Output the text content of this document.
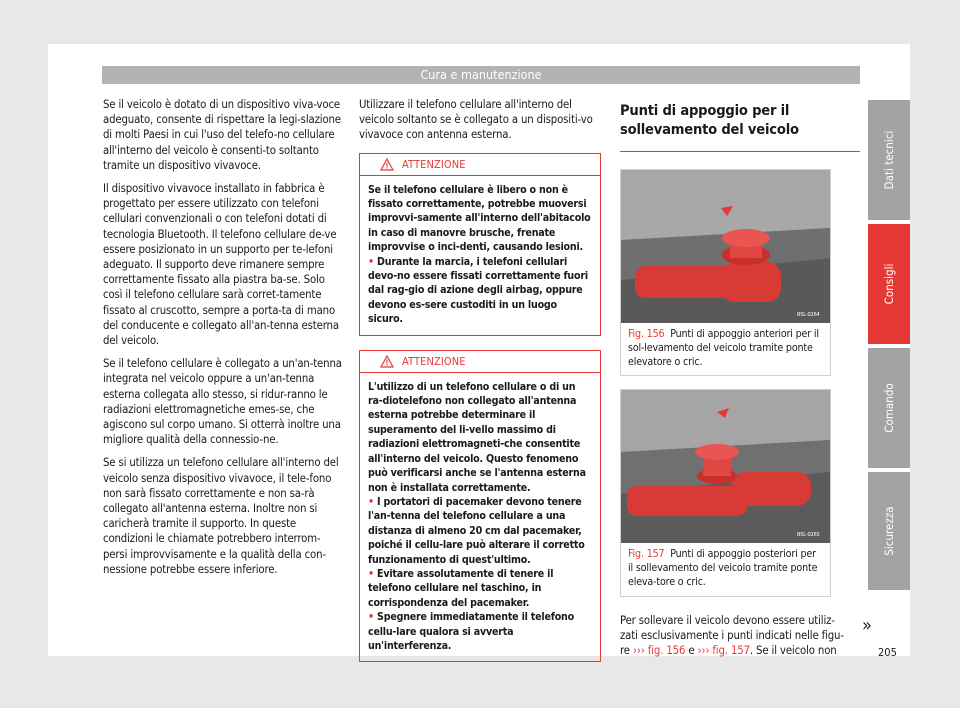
Cura e manutenzione

Se il veicolo è dotato di un dispositivo viva-voce adeguato, consente di rispettare la legi-slazione di molti Paesi in cui l'uso del telefo-no cellulare all'interno del veicolo è consenti-to soltanto tramite un dispositivo vivavoce.

Il dispositivo vivavoce installato in fabbrica è progettato per essere utilizzato con telefoni cellulari convenzionali o con telefoni dotati di tecnologia Bluetooth. Il telefono cellulare de-ve essere posizionato in un supporto per te-lefoni adeguato. Il supporto deve rimanere sempre correttamente fissato alla piastra ba-se. Solo così il telefono cellulare sarà corret-tamente fissato al cruscotto, sempre a porta-ta di mano del conducente e collegato all'an-tenna esterna del veicolo.

Se il telefono cellulare è collegato a un'an-tenna integrata nel veicolo oppure a un'an-tenna esterna collegata allo stesso, si ridur-ranno le radiazioni elettromagnetiche emes-se, che agiscono sul corpo umano. Si otterrà inoltre una migliore qualità della connessio-ne.

Se si utilizza un telefono cellulare all'interno del veicolo senza dispositivo vivavoce, il tele-fono non sarà fissato correttamente e non sa-rà collegato all'antenna esterna. Inoltre non si caricherà tramite il supporto. In queste condizioni le chiamate potrebbero interrom-persi improvvisamente e la qualità della con-nessione potrebbe essere inferiore.

Utilizzare il telefono cellulare all'interno del veicolo soltanto se è collegato a un dispositi-vo vivavoce con antenna esterna.

ATTENZIONE
Se il telefono cellulare è libero o non è fissato correttamente, potrebbe muoversi improvvi-samente all'interno dell'abitacolo in caso di manovre brusche, frenate improvvise o inci-denti, causando lesioni.
• Durante la marcia, i telefoni cellulari devo-no essere fissati correttamente fuori dal rag-gio di azione degli airbag, oppure devono es-sere custoditi in un luogo sicuro.
ATTENZIONE
L'utilizzo di un telefono cellulare o di un ra-diotelefono non collegato all'antenna esterna potrebbe determinare il superamento del li-vello massimo di radiazioni elettromagneti-che consentite all'interno del veicolo. Questo fenomeno può verificarsi anche se l'antenna esterna non è installata correttamente.
• I portatori di pacemaker devono tenere l'an-tenna del telefono cellulare a una distanza di almeno 20 cm dal pacemaker, poiché il cellu-lare può alterare il corretto funzionamento di quest'ultimo.
• Evitare assolutamente di tenere il telefono cellulare nel taschino, in corrispondenza del pacemaker.
• Spegnere immediatamente il telefono cellu-lare qualora si avverta un'interferenza.
Punti di appoggio per il sollevamento del veicolo
B5L-0264
Fig. 156 Punti di appoggio anteriori per il sol-levamento del veicolo tramite ponte elevatore o cric.
B5L-0265
Fig. 157 Punti di appoggio posteriori per il sollevamento del veicolo tramite ponte eleva-tore o cric.

Per sollevare il veicolo devono essere utiliz-zati esclusivamente i punti indicati nelle figu-re ››› fig. 156 e ››› fig. 157. Se il veicolo non

»
205
Dati tecnici
Consigli
Comando
Sicurezza
